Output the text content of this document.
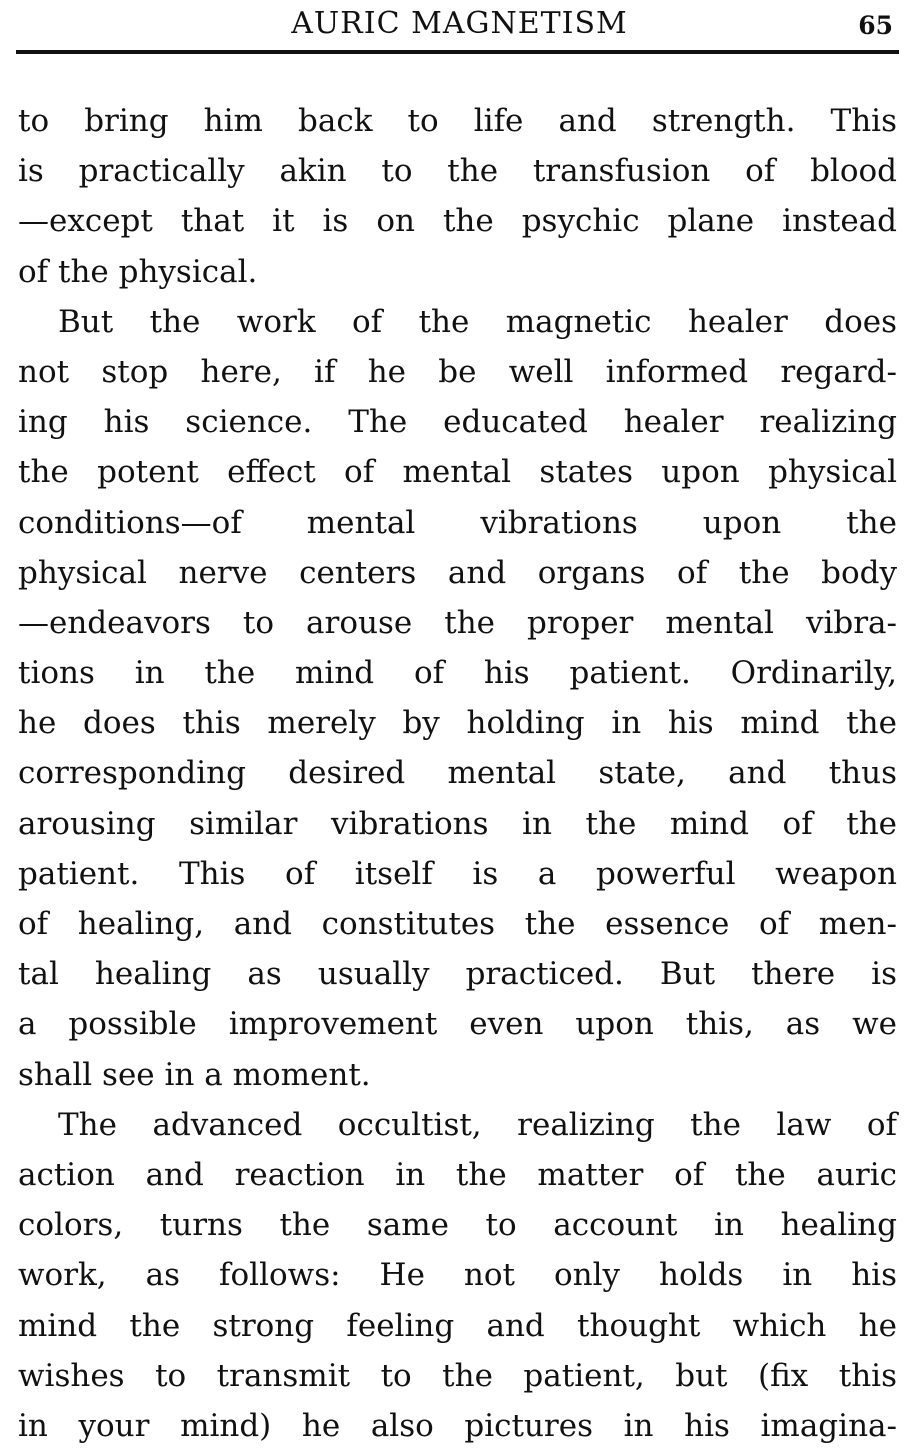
AURIC MAGNETISM	65
to bring him back to life and strength. This
is practically akin to the transfusion of blood
—except that it is on the psychic plane instead
of the physical.
But the work of the magnetic healer does
not stop here, if he be well informed regard-
ing his science. The educated healer realizing
the potent effect of mental states upon physical
conditions—of mental vibrations upon the
physical nerve centers and organs of the body
—endeavors to arouse the proper mental vibra-
tions in the mind of his patient. Ordinarily,
he does this merely by holding in his mind the
corresponding desired mental state, and thus
arousing similar vibrations in the mind of the
patient. This of itself is a powerful weapon
of healing, and constitutes the essence of men-
tal healing as usually practiced. But there is
a possible improvement even upon this, as we
shall see in a moment.
The advanced occultist, realizing the law of
action and reaction in the matter of the auric
colors, turns the same to account in healing
work, as follows: He not only holds in his
mind the strong feeling and thought which he
wishes to transmit to the patient, but (fix this
in your mind) he also pictures in his imagina-
